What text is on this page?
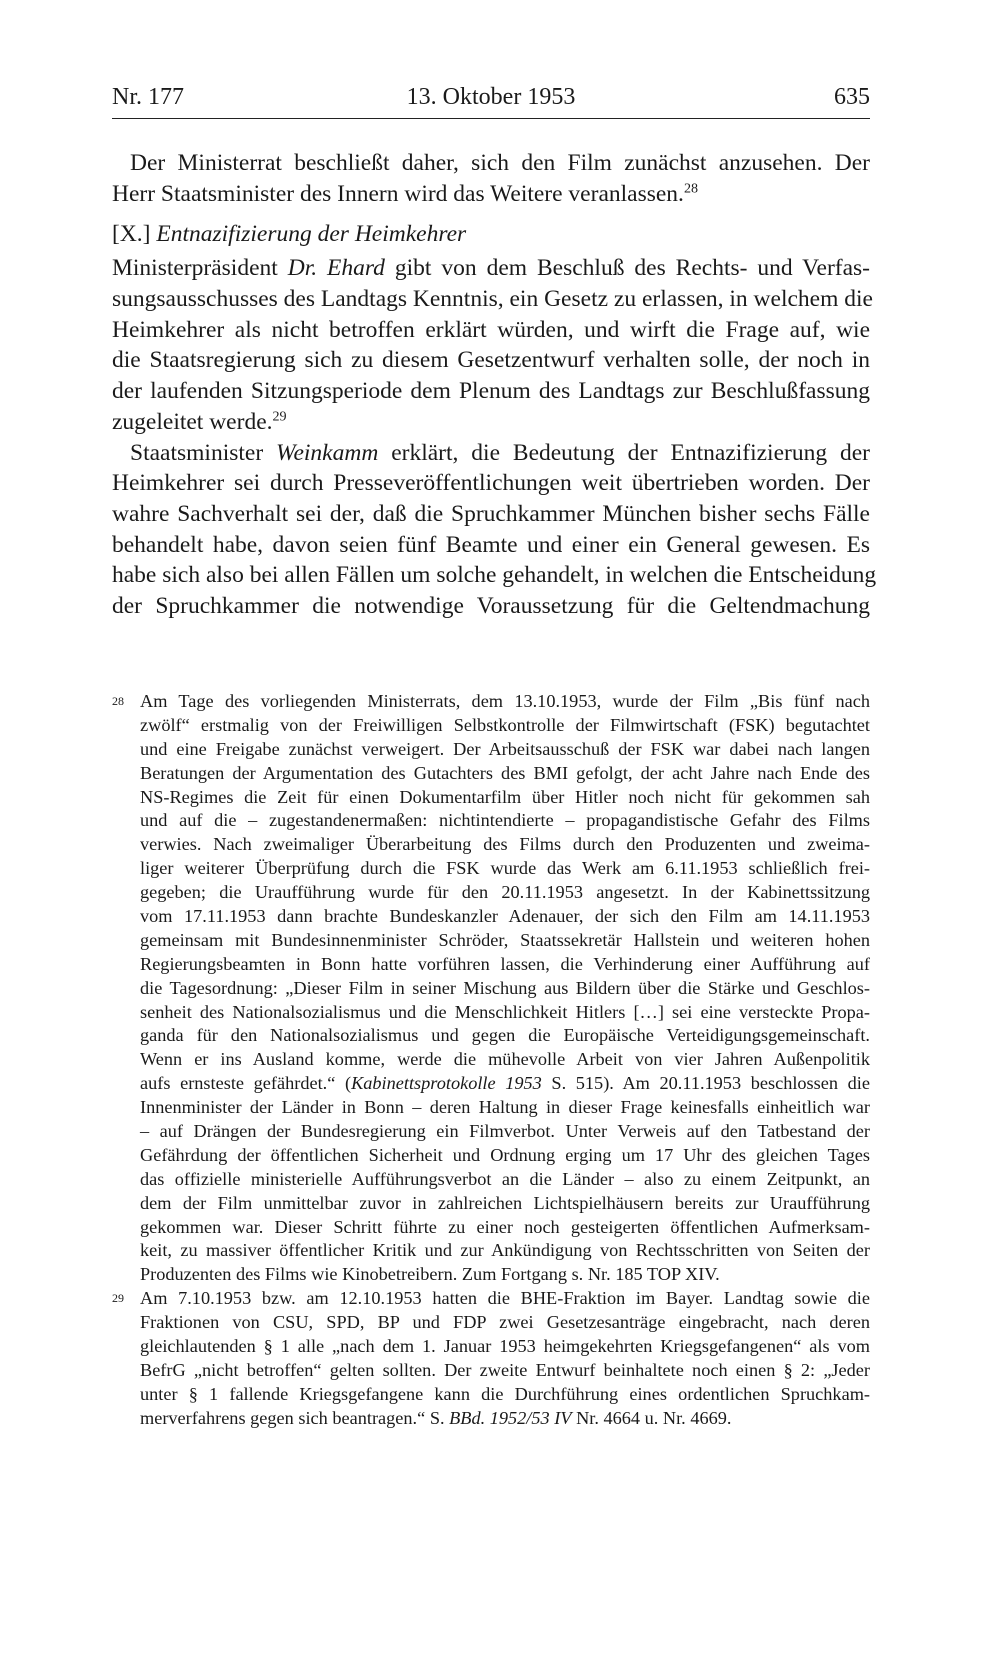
Nr. 177	13. Oktober 1953	635
Der Ministerrat beschließt daher, sich den Film zunächst anzusehen. Der
Herr Staatsminister des Innern wird das Weitere veranlassen.$^{28}$
[X.] Entnazifizierung der Heimkehrer
Ministerpräsident Dr. Ehard gibt von dem Beschluß des Rechts- und Verfas-
sungsausschusses des Landtags Kenntnis, ein Gesetz zu erlassen, in welchem die
Heimkehrer als nicht betroffen erklärt würden, und wirft die Frage auf, wie
die Staatsregierung sich zu diesem Gesetzentwurf verhalten solle, der noch in
der laufenden Sitzungsperiode dem Plenum des Landtags zur Beschlußfassung
zugeleitet werde.$^{29}$
Staatsminister Weinkamm erklärt, die Bedeutung der Entnazifizierung der
Heimkehrer sei durch Presseveröffentlichungen weit übertrieben worden. Der
wahre Sachverhalt sei der, daß die Spruchkammer München bisher sechs Fälle
behandelt habe, davon seien fünf Beamte und einer ein General gewesen. Es
habe sich also bei allen Fällen um solche gehandelt, in welchen die Entscheidung
der Spruchkammer die notwendige Voraussetzung für die Geltendmachung
28 Am Tage des vorliegenden Ministerrats, dem 13.10.1953, wurde der Film „Bis fünf nach
zwölf“ erstmalig von der Freiwilligen Selbstkontrolle der Filmwirtschaft (FSK) begutachtet
und eine Freigabe zunächst verweigert. Der Arbeitsausschuß der FSK war dabei nach langen
Beratungen der Argumentation des Gutachters des BMI gefolgt, der acht Jahre nach Ende des
NS-Regimes die Zeit für einen Dokumentarfilm über Hitler noch nicht für gekommen sah
und auf die – zugestandenermaßen: nichtintendierte – propagandistische Gefahr des Films
verwies. Nach zweimaliger Überarbeitung des Films durch den Produzenten und zweima-
liger weiterer Überprüfung durch die FSK wurde das Werk am 6.11.1953 schließlich frei-
gegeben; die Uraufführung wurde für den 20.11.1953 angesetzt. In der Kabinettssitzung
vom 17.11.1953 dann brachte Bundeskanzler Adenauer, der sich den Film am 14.11.1953
gemeinsam mit Bundesinnenminister Schröder, Staatssekretär Hallstein und weiteren hohen
Regierungsbeamten in Bonn hatte vorführen lassen, die Verhinderung einer Aufführung auf
die Tagesordnung: „Dieser Film in seiner Mischung aus Bildern über die Stärke und Geschlos-
senheit des Nationalsozialismus und die Menschlichkeit Hitlers […] sei eine versteckte Propa-
ganda für den Nationalsozialismus und gegen die Europäische Verteidigungsgemeinschaft.
Wenn er ins Ausland komme, werde die mühevolle Arbeit von vier Jahren Außenpolitik
aufs ernsteste gefährdet.“ (Kabinettsprotokolle 1953 S. 515). Am 20.11.1953 beschlossen die
Innenminister der Länder in Bonn – deren Haltung in dieser Frage keinesfalls einheitlich war
– auf Drängen der Bundesregierung ein Filmverbot. Unter Verweis auf den Tatbestand der
Gefährdung der öffentlichen Sicherheit und Ordnung erging um 17 Uhr des gleichen Tages
das offizielle ministerielle Aufführungsverbot an die Länder – also zu einem Zeitpunkt, an
dem der Film unmittelbar zuvor in zahlreichen Lichtspielhäusern bereits zur Uraufführung
gekommen war. Dieser Schritt führte zu einer noch gesteigerten öffentlichen Aufmerksam-
keit, zu massiver öffentlicher Kritik und zur Ankündigung von Rechtsschritten von Seiten der
Produzenten des Films wie Kinobetreibern. Zum Fortgang s. Nr. 185 TOP XIV.
29 Am 7.10.1953 bzw. am 12.10.1953 hatten die BHE-Fraktion im Bayer. Landtag sowie die
Fraktionen von CSU, SPD, BP und FDP zwei Gesetzesanträge eingebracht, nach deren
gleichlautenden § 1 alle „nach dem 1. Januar 1953 heimgekehrten Kriegsgefangenen“ als vom
BefrG „nicht betroffen“ gelten sollten. Der zweite Entwurf beinhaltete noch einen § 2: „Jeder
unter § 1 fallende Kriegsgefangene kann die Durchführung eines ordentlichen Spruchkam-
merverfahrens gegen sich beantragen.“ S. BBd. 1952/53 IV Nr. 4664 u. Nr. 4669.
